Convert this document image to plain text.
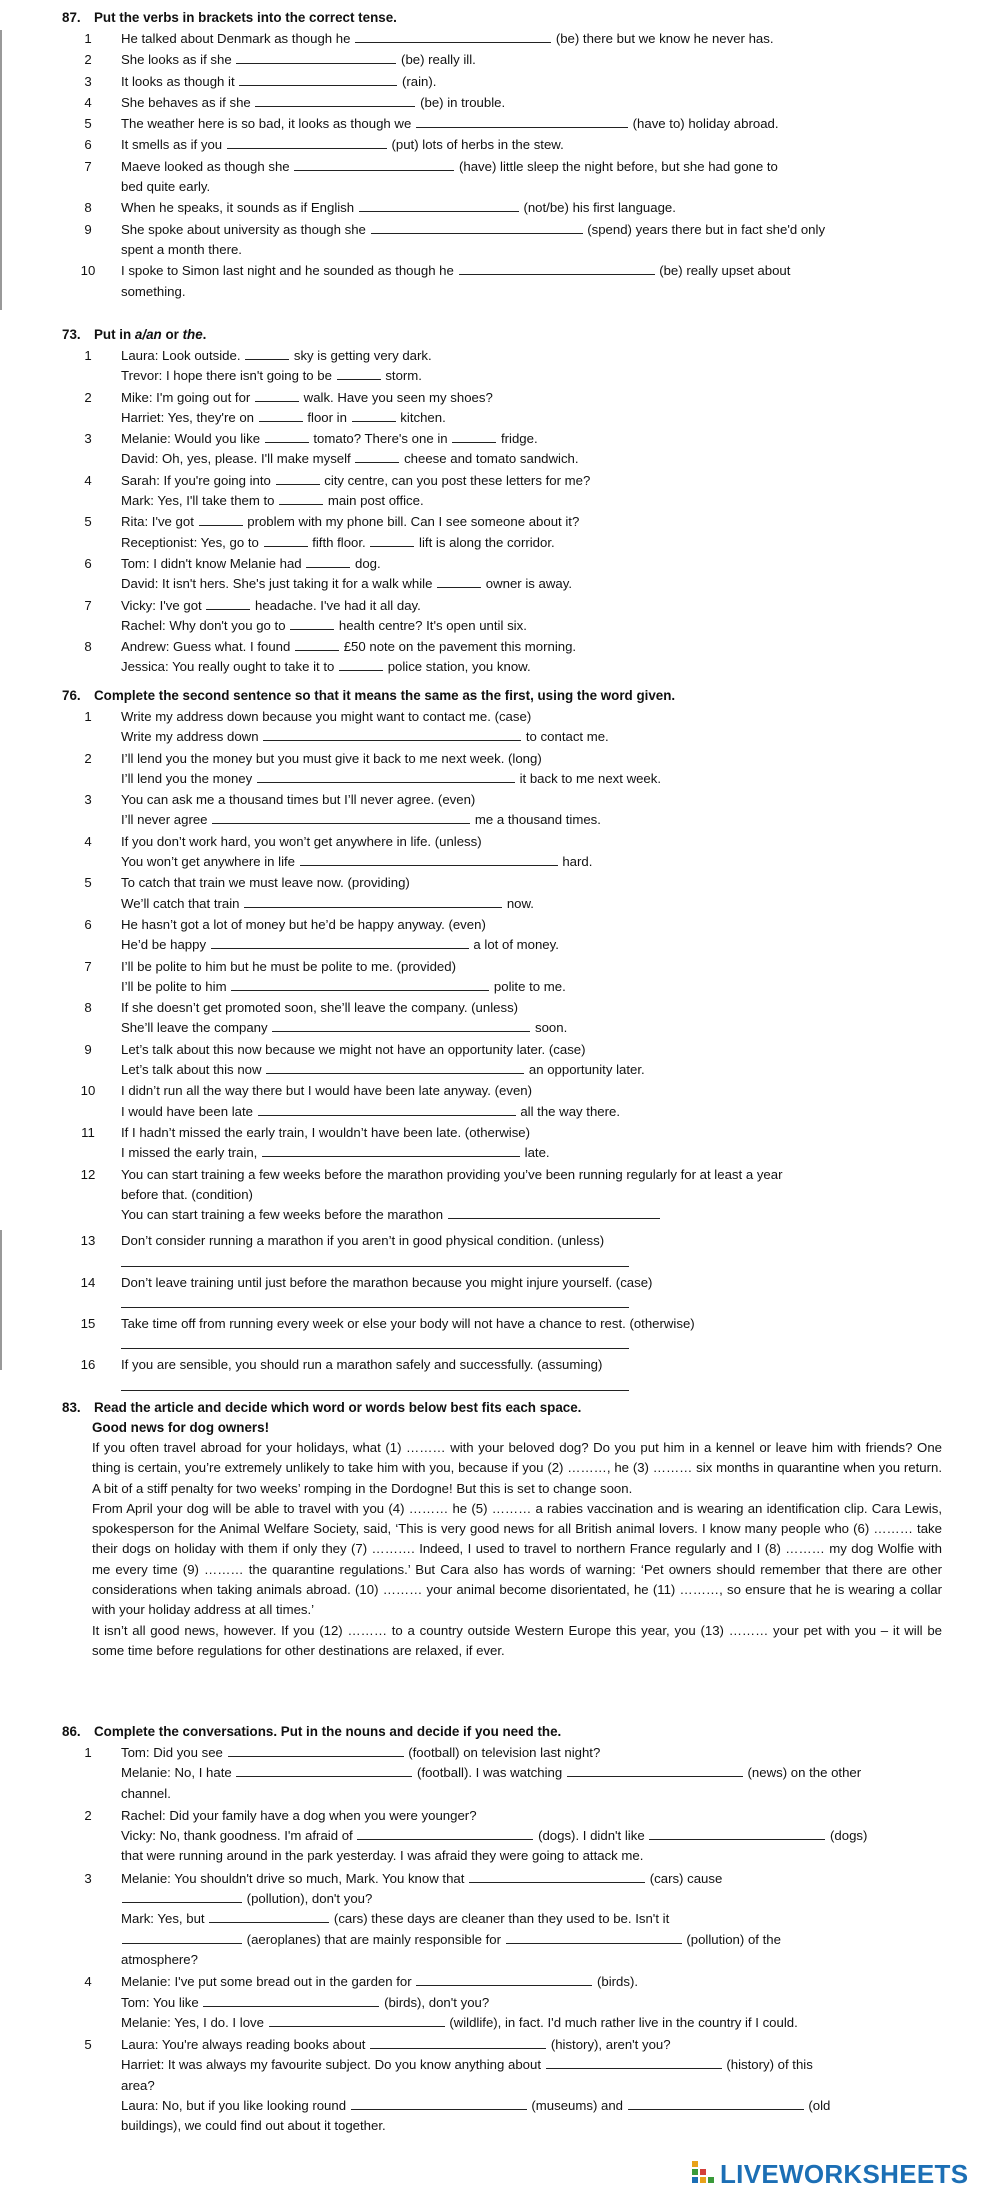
87. Put the verbs in brackets into the correct tense.
1	He talked about Denmark as though he	(be) there but we know he never has.
2	She looks as if she	(be) really ill.
3	It looks as though it	(rain).
4	She behaves as if she	(be) in trouble.
5	The weather here is so bad, it looks as though we	(have to) holiday abroad.
6	It smells as if you	(put) lots of herbs in the stew.
7	Maeve looked as though she	(have) little sleep the night before, but she had gone to
bed quite early.
8	When he speaks, it sounds as if English	(not/be) his first language.
9	She spoke about university as though she	(spend) years there but in fact she'd only
spent a month there.
10	I spoke to Simon last night and he sounded as though he	(be) really upset about
something.
73. Put in a/an or the.
1	Laura: Look outside.	sky is getting very dark.
Trevor: I hope there isn't going to be	storm.
2	Mike: I'm going out for	walk. Have you seen my shoes?
Harriet: Yes, they're on	floor in	kitchen.
3	Melanie: Would you like	tomato? There's one in	fridge.
David: Oh, yes, please. I'll make myself	cheese and tomato sandwich.
4	Sarah: If you're going into	city centre, can you post these letters for me?
Mark: Yes, I'll take them to	main post office.
5	Rita: I've got	problem with my phone bill. Can I see someone about it?
Receptionist: Yes, go to	fifth floor.	lift is along the corridor.
6	Tom: I didn't know Melanie had	dog.
David: It isn't hers. She's just taking it for a walk while	owner is away.
7	Vicky: I've got	headache. I've had it all day.
Rachel: Why don't you go to	health centre? It's open until six.
8	Andrew: Guess what. I found	£50 note on the pavement this morning.
Jessica: You really ought to take it to	police station, you know.
76. Complete the second sentence so that it means the same as the first, using the word given.
1	Write my address down because you might want to contact me. (case)
Write my address down	to contact me.
2	I’ll lend you the money but you must give it back to me next week. (long)
I’ll lend you the money	it back to me next week.
3	You can ask me a thousand times but I’ll never agree. (even)
I’ll never agree	me a thousand times.
4	If you don’t work hard, you won’t get anywhere in life. (unless)
You won’t get anywhere in life	hard.
5	To catch that train we must leave now. (providing)
We’ll catch that train	now.
6	He hasn’t got a lot of money but he’d be happy anyway. (even)
He’d be happy	a lot of money.
7	I’ll be polite to him but he must be polite to me. (provided)
I’ll be polite to him	polite to me.
8	If she doesn’t get promoted soon, she’ll leave the company. (unless)
She’ll leave the company	soon.
9	Let’s talk about this now because we might not have an opportunity later. (case)
Let’s talk about this now	an opportunity later.
10	I didn’t run all the way there but I would have been late anyway. (even)
I would have been late	all the way there.
11	If I hadn’t missed the early train, I wouldn’t have been late. (otherwise)
I missed the early train,	late.
12	You can start training a few weeks before the marathon providing you’ve been running regularly for at least a year
before that. (condition)
You can start training a few weeks before the marathon
13	Don’t consider running a marathon if you aren’t in good physical condition. (unless)
14	Don’t leave training until just before the marathon because you might injure yourself. (case)
15	Take time off from running every week or else your body will not have a chance to rest. (otherwise)
16	If you are sensible, you should run a marathon safely and successfully. (assuming)
83. Read the article and decide which word or words below best fits each space.
Good news for dog owners!
If you often travel abroad for your holidays, what (1) ……… with your beloved dog? Do you put him in a kennel or leave him with friends? One thing is certain, you’re extremely unlikely to take him with you, because if you (2) ………, he (3) ……… six months in quarantine when you return. A bit of a stiff penalty for two weeks’ romping in the Dordogne! But this is set to change soon.
From April your dog will be able to travel with you (4) ……… he (5) ……… a rabies vaccination and is wearing an identification clip. Cara Lewis, spokesperson for the Animal Welfare Society, said, ‘This is very good news for all British animal lovers. I know many people who (6) ……… take their dogs on holiday with them if only they (7) ………. Indeed, I used to travel to northern France regularly and I (8) ……… my dog Wolfie with me every time (9) ……… the quarantine regulations.’ But Cara also has words of warning: ‘Pet owners should remember that there are other considerations when taking animals abroad. (10) ……… your animal become disorientated, he (11) ………, so ensure that he is wearing a collar with your holiday address at all times.’
It isn’t all good news, however. If you (12) ……… to a country outside Western Europe this year, you (13) ……… your pet with you – it will be some time before regulations for other destinations are relaxed, if ever.
86. Complete the conversations. Put in the nouns and decide if you need the.
1	Tom: Did you see	(football) on television last night?
Melanie: No, I hate	(football). I was watching	(news) on the other
channel.
2	Rachel: Did your family have a dog when you were younger?
Vicky: No, thank goodness. I'm afraid of	(dogs). I didn't like	(dogs)
that were running around in the park yesterday. I was afraid they were going to attack me.
3	Melanie: You shouldn't drive so much, Mark. You know that	(cars) cause
(pollution), don't you?
Mark: Yes, but	(cars) these days are cleaner than they used to be. Isn't it
(aeroplanes) that are mainly responsible for	(pollution) of the
atmosphere?
4	Melanie: I've put some bread out in the garden for	(birds).
Tom: You like	(birds), don't you?
Melanie: Yes, I do. I love	(wildlife), in fact. I'd much rather live in the country if I could.
5	Laura: You're always reading books about	(history), aren't you?
Harriet: It was always my favourite subject. Do you know anything about	(history) of this
area?
Laura: No, but if you like looking round	(museums) and	(old
buildings), we could find out about it together.
LIVEWORKSHEETS
